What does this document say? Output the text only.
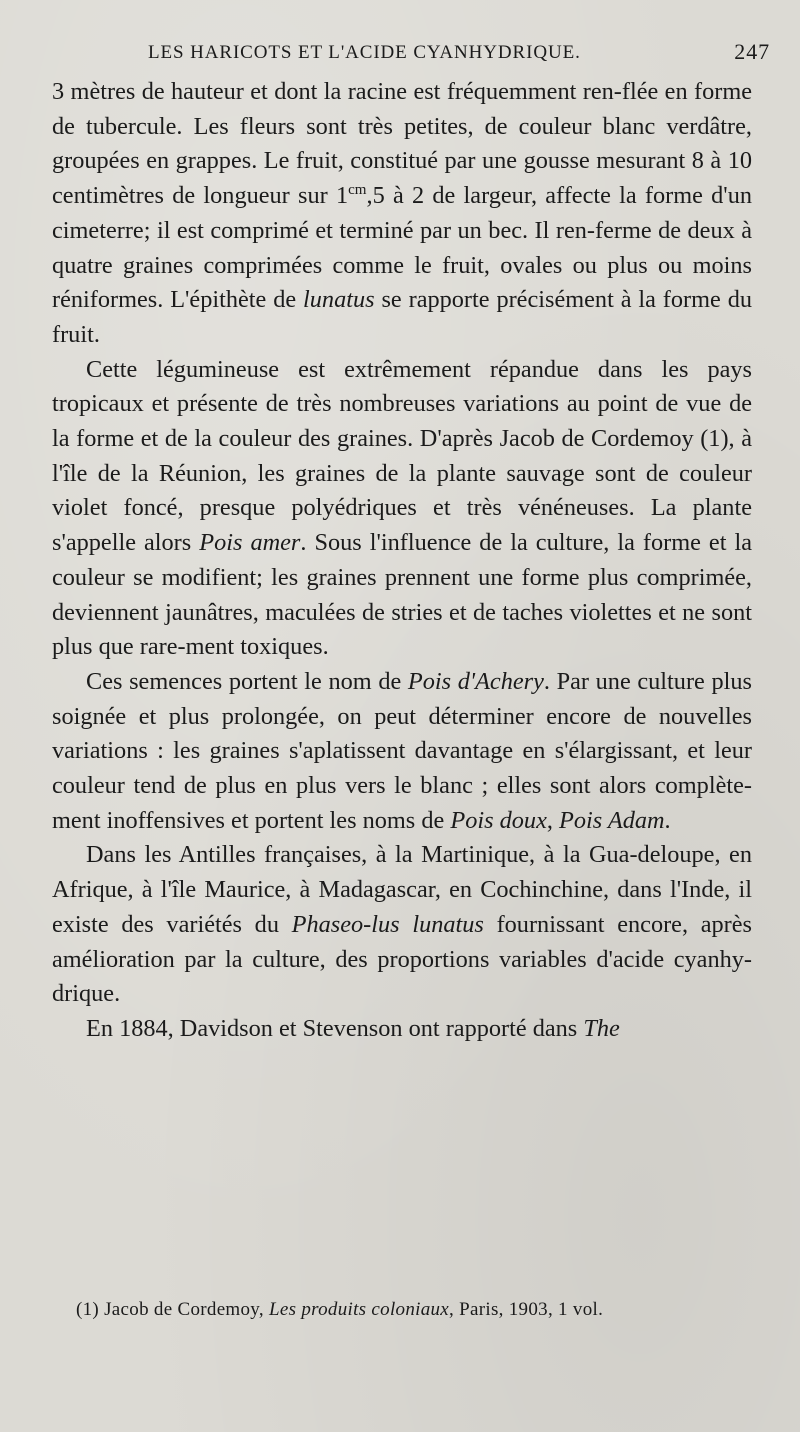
LES HARICOTS ET L'ACIDE CYANHYDRIQUE.	247

3 mètres de hauteur et dont la racine est fréquemment ren-flée en forme de tubercule. Les fleurs sont très petites, de couleur blanc verdâtre, groupées en grappes. Le fruit, constitué par une gousse mesurant 8 à 10 centimètres de longueur sur $1^{cm},5$ à 2 de largeur, affecte la forme d'un cimeterre; il est comprimé et terminé par un bec. Il ren-ferme de deux à quatre graines comprimées comme le fruit, ovales ou plus ou moins réniformes. L'épithète de lunatus se rapporte précisément à la forme du fruit.

Cette légumineuse est extrêmement répandue dans les pays tropicaux et présente de très nombreuses variations au point de vue de la forme et de la couleur des graines. D'après Jacob de Cordemoy (1), à l'île de la Réunion, les graines de la plante sauvage sont de couleur violet foncé, presque polyédriques et très vénéneuses. La plante s'appelle alors Pois amer. Sous l'influence de la culture, la forme et la couleur se modifient; les graines prennent une forme plus comprimée, deviennent jaunâtres, maculées de stries et de taches violettes et ne sont plus que rare-ment toxiques.

Ces semences portent le nom de Pois d'Achery. Par une culture plus soignée et plus prolongée, on peut déterminer encore de nouvelles variations : les graines s'aplatissent davantage en s'élargissant, et leur couleur tend de plus en plus vers le blanc ; elles sont alors complète-ment inoffensives et portent les noms de Pois doux, Pois Adam.

Dans les Antilles françaises, à la Martinique, à la Gua-deloupe, en Afrique, à l'île Maurice, à Madagascar, en Cochinchine, dans l'Inde, il existe des variétés du Phaseo-lus lunatus fournissant encore, après amélioration par la culture, des proportions variables d'acide cyanhy-drique.

En 1884, Davidson et Stevenson ont rapporté dans The

(1) Jacob de Cordemoy, Les produits coloniaux, Paris, 1903, 1 vol.
